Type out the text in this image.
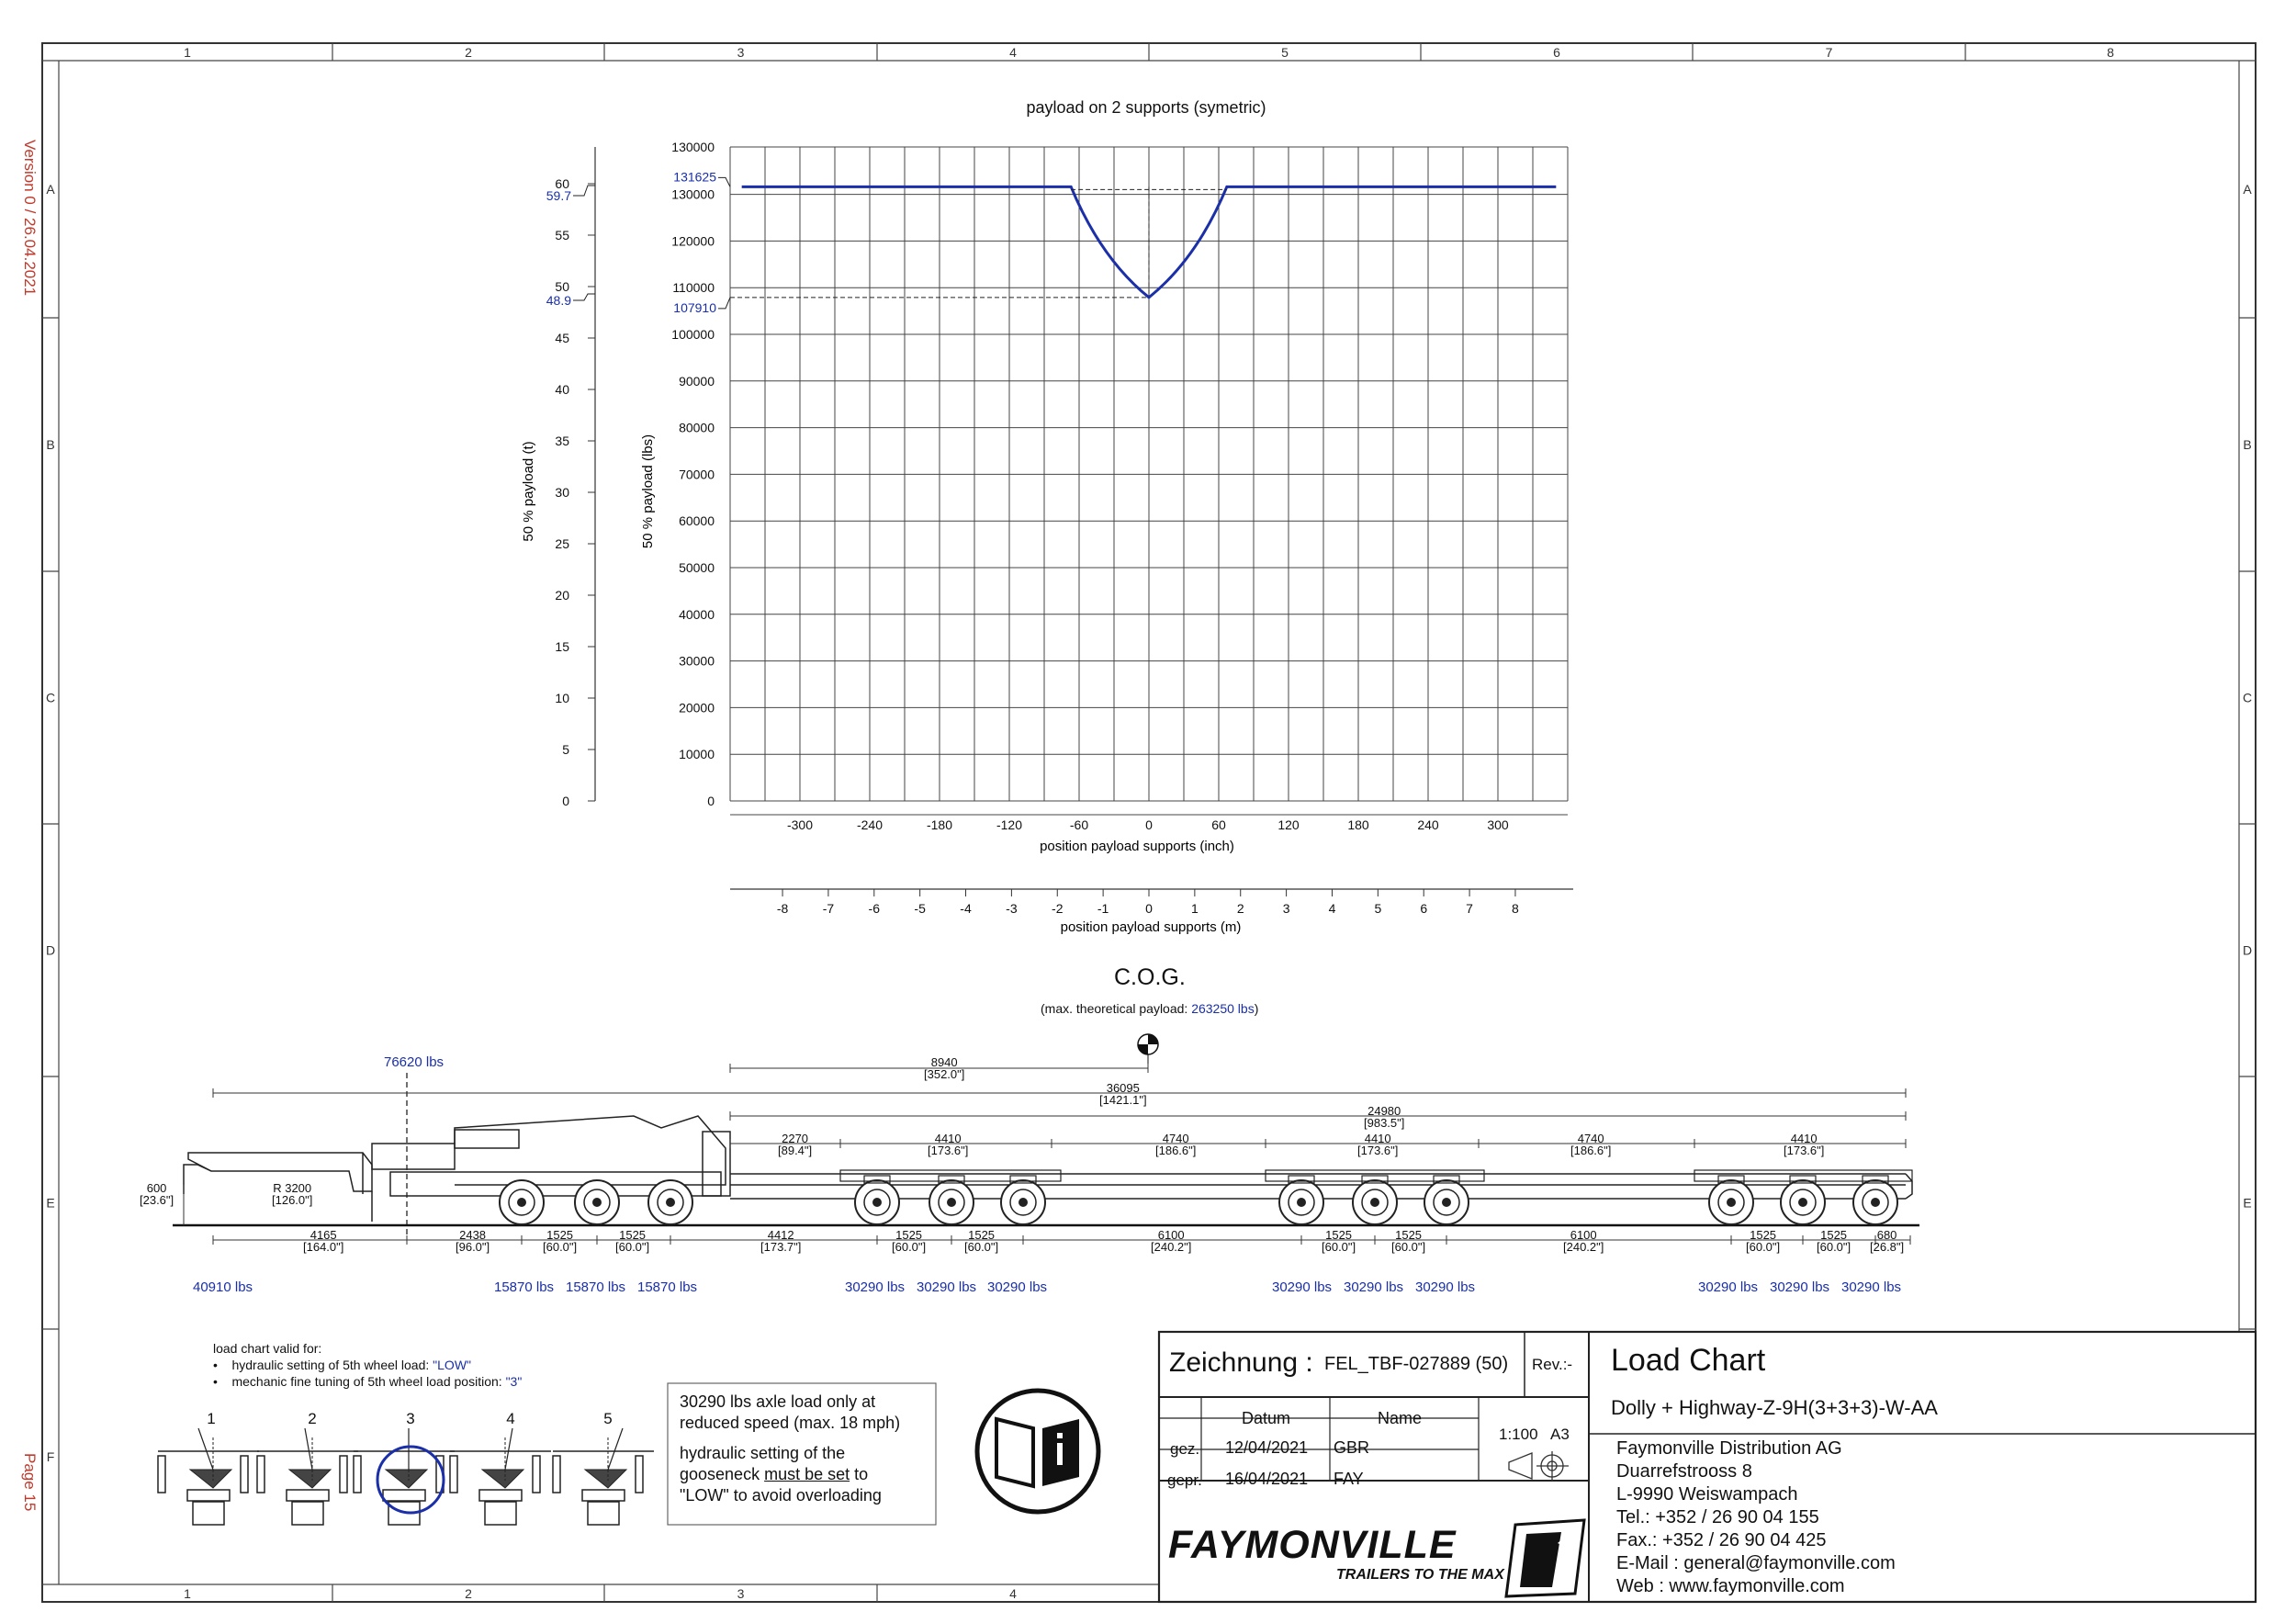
1	2	3	4	5	6	7	8
1	2	3	4
A	A
B	B
C	C
D	D
E	E
F
Version 0 / 26.04.2021
Page 15
payload on 2 supports (symetric)
0
10000
20000
30000
40000
50000
60000
70000
80000
90000
100000
110000
120000
130000
130000
0
5
10
15
20
25
30
35
40
45
50
55
60
-300	-240	-180	-120	-60	0	60	120	180	240	300
-8	-7	-6	-5	-4	-3	-2	-1	0	1	2	3	4	5	6	7	8
50 % payload (t)	50 % payload (lbs)
position payload supports (inch)
position payload supports (m)
131625
107910
59.7
48.9
C.O.G.
(max. theoretical payload: 263250 lbs)
76620 lbs	8940
[352.0"]
36095
[1421.1"]
24980
[983.5"]
2270
[89.4"]
4410
[173.6"]
4740
[186.6"]
4410
[173.6"]
4740
[186.6"]
4410
[173.6"]
600
[23.6"]
R 3200
[126.0"]
4165
[164.0"]
2438
[96.0"]
1525
[60.0"]
1525
[60.0"]
4412
[173.7"]
1525
[60.0"]
1525
[60.0"]
6100
[240.2"]
1525
[60.0"]
1525
[60.0"]
6100
[240.2"]
1525
[60.0"]
1525
[60.0"]
680
[26.8"]
40910 lbs	15870 lbs 15870 lbs 15870 lbs	30290 lbs 30290 lbs 30290 lbs	30290 lbs 30290 lbs 30290 lbs	30290 lbs 30290 lbs 30290 lbs
load chart valid for:
•    hydraulic setting of 5th wheel load: "LOW"
•    mechanic fine tuning of 5th wheel load position: "3"
1	2	3	4	5
30290 lbs axle load only at
reduced speed (max. 18 mph)
hydraulic setting of the
gooseneck must be set to
"LOW" to avoid overloading
Zeichnung : FEL_TBF-027889 (50) Rev.:- Load Chart
Dolly + Highway-Z-9H(3+3+3)-W-AA
Datum	Name
gez. 12/04/2021 GBR
gepr. 16/04/2021 FAY
1:100 A3
FAYMONVILLE
TRAILERS TO THE MAX
Faymonville Distribution AG
Duarrefstrooss 8
L-9990 Weiswampach
Tel.: +352 / 26 90 04 155
Fax.: +352 / 26 90 04 425
E-Mail : general@faymonville.com
Web : www.faymonville.com
